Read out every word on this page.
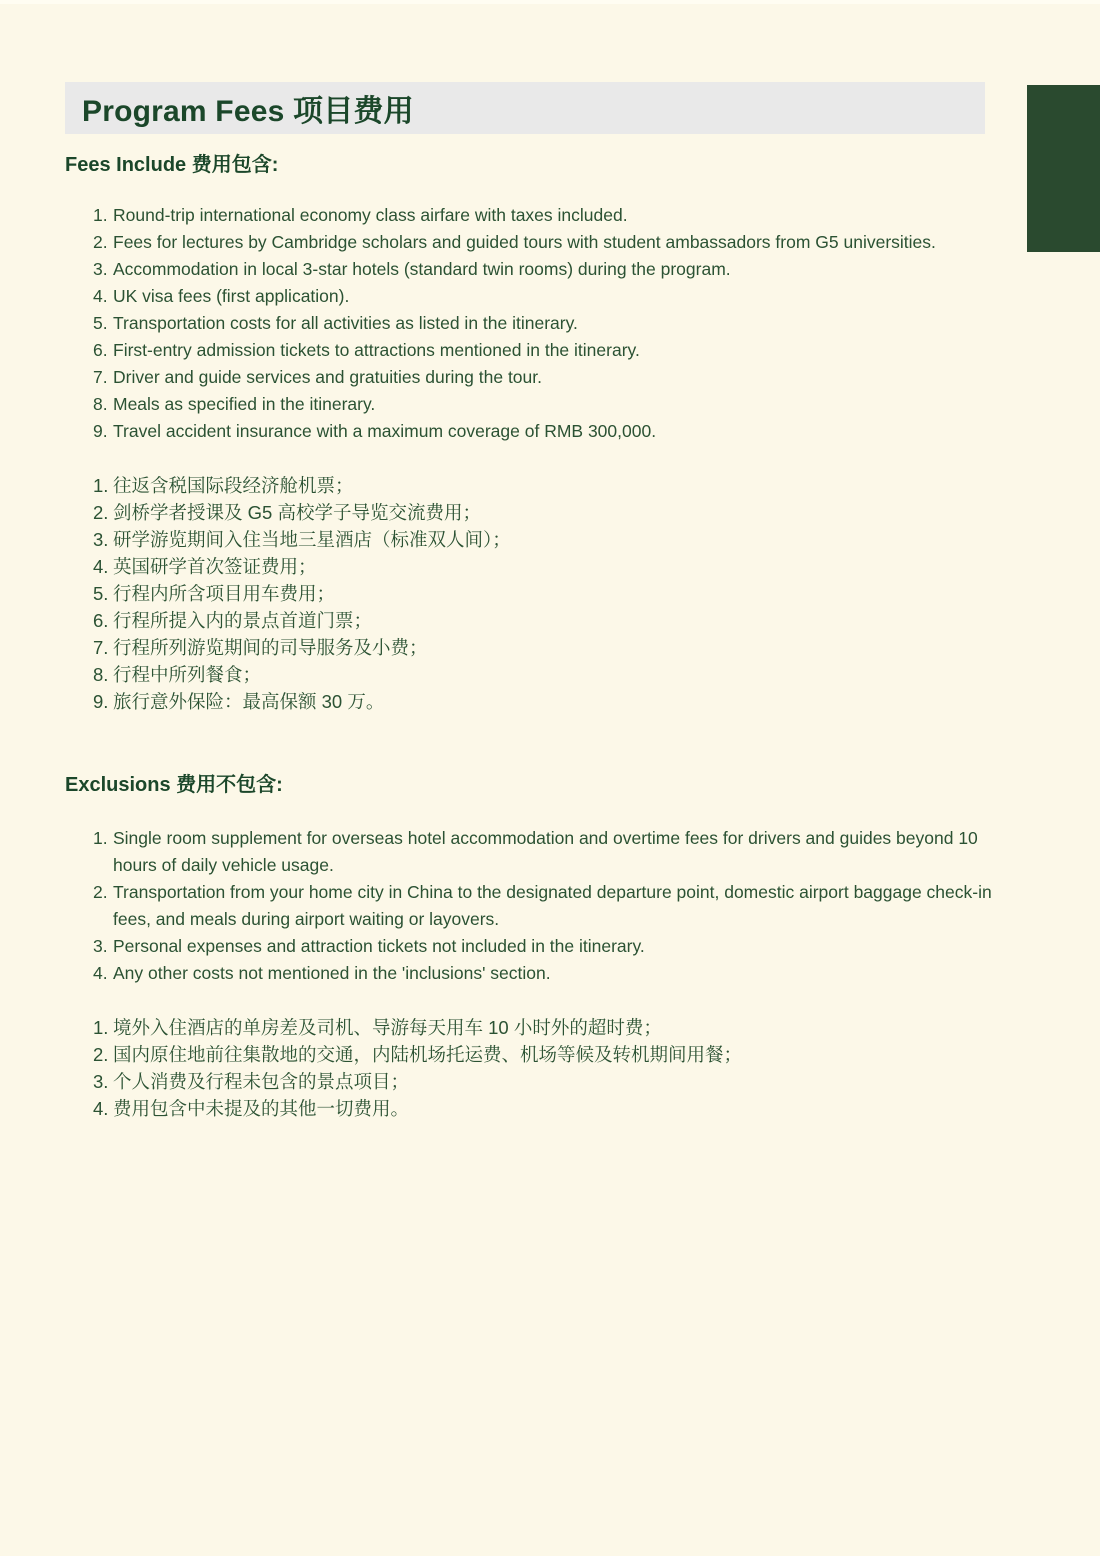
Program Fees 项目费用
Fees Include 费用包含:
1. Round-trip international economy class airfare with taxes included.
2. Fees for lectures by Cambridge scholars and guided tours with student ambassadors from G5 universities.
3. Accommodation in local 3-star hotels (standard twin rooms) during the program.
4. UK visa fees (first application).
5. Transportation costs for all activities as listed in the itinerary.
6. First-entry admission tickets to attractions mentioned in the itinerary.
7. Driver and guide services and gratuities during the tour.
8. Meals as specified in the itinerary.
9. Travel accident insurance with a maximum coverage of RMB 300,000.
1. 往返含税国际段经济舱机票；
2. 剑桥学者授课及 G5 高校学子导览交流费用；
3. 研学游览期间入住当地三星酒店（标准双人间）；
4. 英国研学首次签证费用；
5. 行程内所含项目用车费用；
6. 行程所提入内的景点首道门票；
7. 行程所列游览期间的司导服务及小费；
8. 行程中所列餐食；
9. 旅行意外保险：最高保额 30 万。
Exclusions 费用不包含:
1. Single room supplement for overseas hotel accommodation and overtime fees for drivers and guides beyond 10 hours of daily vehicle usage.
2. Transportation from your home city in China to the designated departure point, domestic airport baggage check-in fees, and meals during airport waiting or layovers.
3. Personal expenses and attraction tickets not included in the itinerary.
4. Any other costs not mentioned in the 'inclusions' section.
1. 境外入住酒店的单房差及司机、导游每天用车 10 小时外的超时费；
2. 国内原住地前往集散地的交通，内陆机场托运费、机场等候及转机期间用餐；
3. 个人消费及行程未包含的景点项目；
4. 费用包含中未提及的其他一切费用。
